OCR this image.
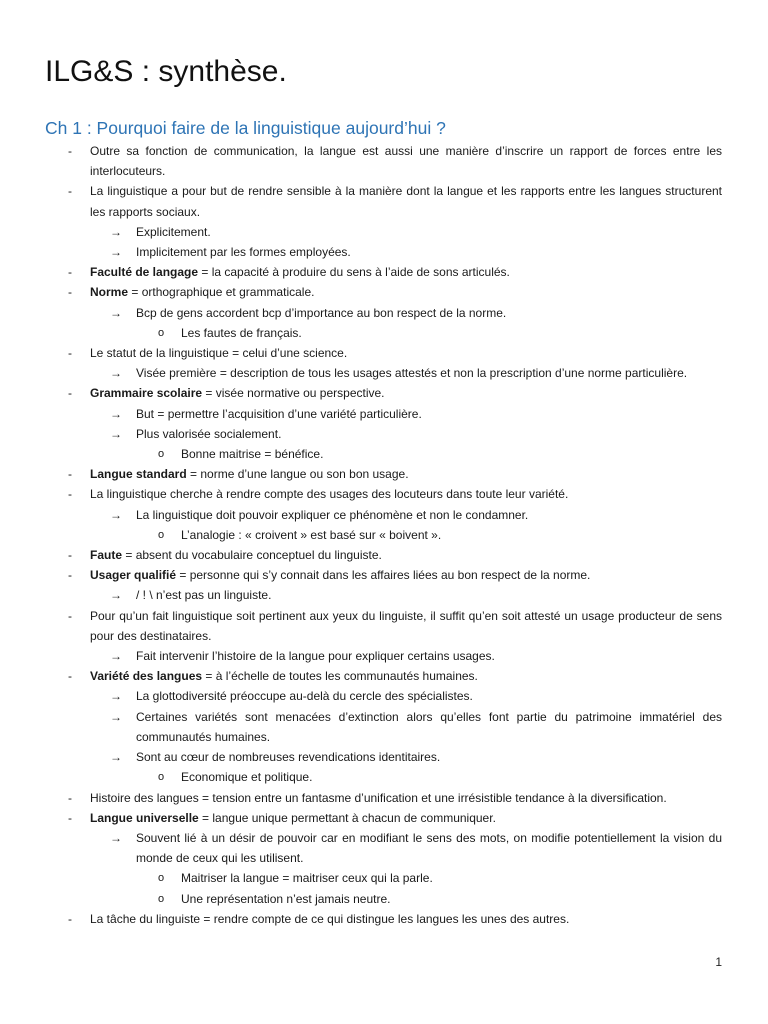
ILG&S : synthèse.
Ch 1 : Pourquoi faire de la linguistique aujourd’hui ?
- Outre sa fonction de communication, la langue est aussi une manière d’inscrire un rapport de forces entre les interlocuteurs.
- La linguistique a pour but de rendre sensible à la manière dont la langue et les rapports entre les langues structurent les rapports sociaux.
→ Explicitement.
→ Implicitement par les formes employées.
- Faculté de langage = la capacité à produire du sens à l’aide de sons articulés.
- Norme = orthographique et grammaticale.
→ Bcp de gens accordent bcp d’importance au bon respect de la norme.
o Les fautes de français.
- Le statut de la linguistique = celui d’une science.
→ Visée première = description de tous les usages attestés et non la prescription d’une norme particulière.
- Grammaire scolaire = visée normative ou perspective.
→ But = permettre l’acquisition d’une variété particulière.
→ Plus valorisée socialement.
o Bonne maitrise = bénéfice.
- Langue standard = norme d’une langue ou son bon usage.
- La linguistique cherche à rendre compte des usages des locuteurs dans toute leur variété.
→ La linguistique doit pouvoir expliquer ce phénomène et non le condamner.
o L’analogie : « croivent » est basé sur « boivent ».
- Faute = absent du vocabulaire conceptuel du linguiste.
- Usager qualifié = personne qui s’y connait dans les affaires liées au bon respect de la norme.
→ / ! \ n’est pas un linguiste.
- Pour qu’un fait linguistique soit pertinent aux yeux du linguiste, il suffit qu’en soit attesté un usage producteur de sens pour des destinataires.
→ Fait intervenir l’histoire de la langue pour expliquer certains usages.
- Variété des langues = à l’échelle de toutes les communautés humaines.
→ La glottodiversité préoccupe au-delà du cercle des spécialistes.
→ Certaines variétés sont menacées d’extinction alors qu’elles font partie du patrimoine immatériel des communautés humaines.
→ Sont au cœur de nombreuses revendications identitaires.
o Economique et politique.
- Histoire des langues = tension entre un fantasme d’unification et une irrésistible tendance à la diversification.
- Langue universelle = langue unique permettant à chacun de communiquer.
→ Souvent lié à un désir de pouvoir car en modifiant le sens des mots, on modifie potentiellement la vision du monde de ceux qui les utilisent.
o Maitriser la langue = maitriser ceux qui la parle.
o Une représentation n’est jamais neutre.
- La tâche du linguiste = rendre compte de ce qui distingue les langues les unes des autres.
1
